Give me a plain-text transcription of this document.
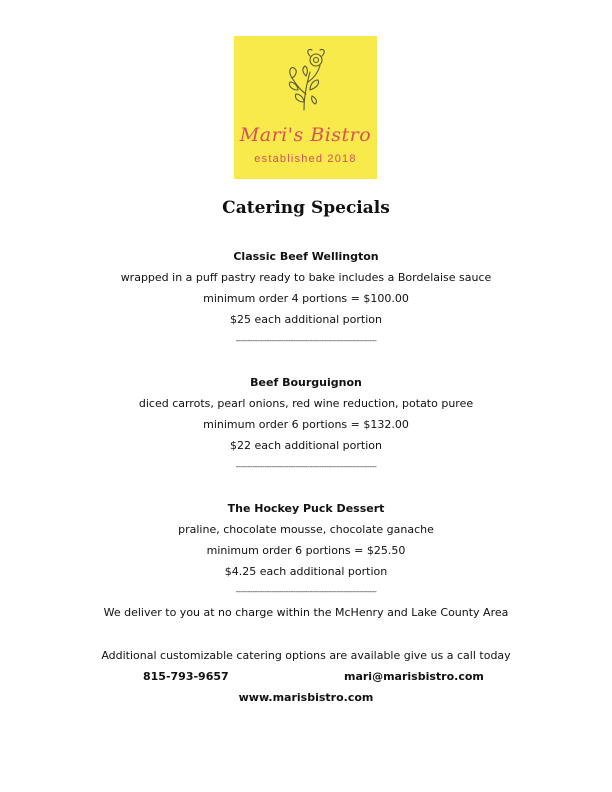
Mari's Bistro
established 2018
Catering Specials
Classic Beef Wellington
wrapped in a puff pastry ready to bake includes a Bordelaise sauce
minimum order 4 portions = $100.00
$25 each additional portion
-----------------------------------------------------------
Beef Bourguignon
diced carrots, pearl onions, red wine reduction, potato puree
minimum order 6 portions = $132.00
$22 each additional portion
-----------------------------------------------------------
The Hockey Puck Dessert
praline, chocolate mousse, chocolate ganache
minimum order 6 portions = $25.50
$4.25 each additional portion
-----------------------------------------------------------
We deliver to you at no charge within the McHenry and Lake County Area
Additional customizable catering options are available give us a call today
815-793-9657	mari@marisbistro.com
www.marisbistro.com
